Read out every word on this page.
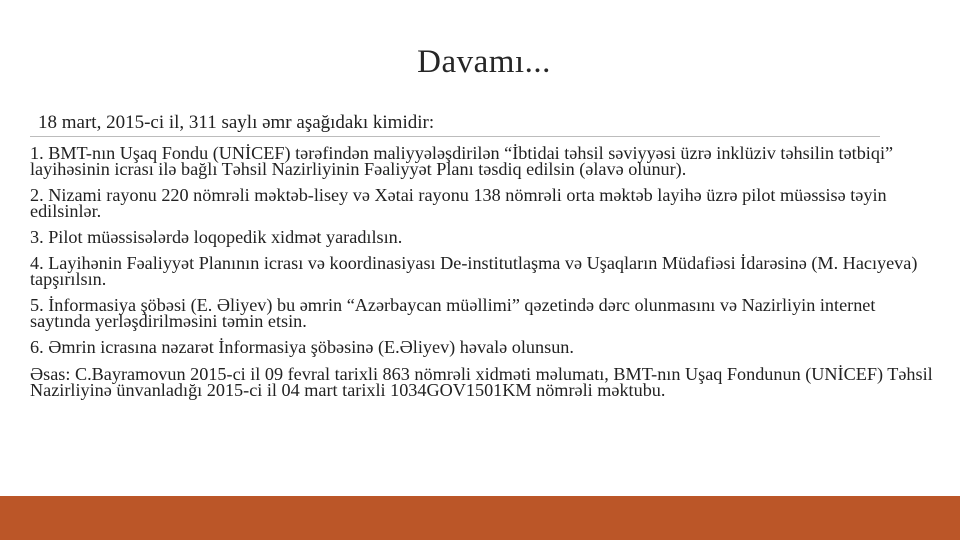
Davamı...
18 mart, 2015-ci il, 311 saylı əmr aşağıdakı kimidir:

1. BMT-nın Uşaq Fondu (UNİCEF) tərəfindən maliyyələşdirilən “İbtidai təhsil səviyyəsi üzrə inklüziv təhsilin tətbiqi” layihəsinin icrası ilə bağlı Təhsil Nazirliyinin Fəaliyyət Planı təsdiq edilsin (əlavə olunur).

2. Nizami rayonu 220 nömrəli məktəb-lisey və Xətai rayonu 138 nömrəli orta məktəb layihə üzrə pilot müəssisə təyin edilsinlər.

3. Pilot müəssisələrdə loqopedik xidmət yaradılsın.

4. Layihənin Fəaliyyət Planının icrası və koordinasiyası De-institutlaşma və Uşaqların Müdafiəsi İdarəsinə (M. Hacıyeva) tapşırılsın.

5. İnformasiya şöbəsi (E. Əliyev) bu əmrin “Azərbaycan müəllimi” qəzetində dərc olunmasını və Nazirliyin internet saytında yerləşdirilməsini təmin etsin.

6. Əmrin icrasına nəzarət İnformasiya şöbəsinə (E.Əliyev) həvalə olunsun.

Əsas: C.Bayramovun 2015-ci il 09 fevral tarixli 863 nömrəli xidməti məlumatı, BMT-nın Uşaq Fondunun (UNİCEF) Təhsil Nazirliyinə ünvanladığı 2015-ci il 04 mart tarixli 1034GOV1501KM nömrəli məktubu.
